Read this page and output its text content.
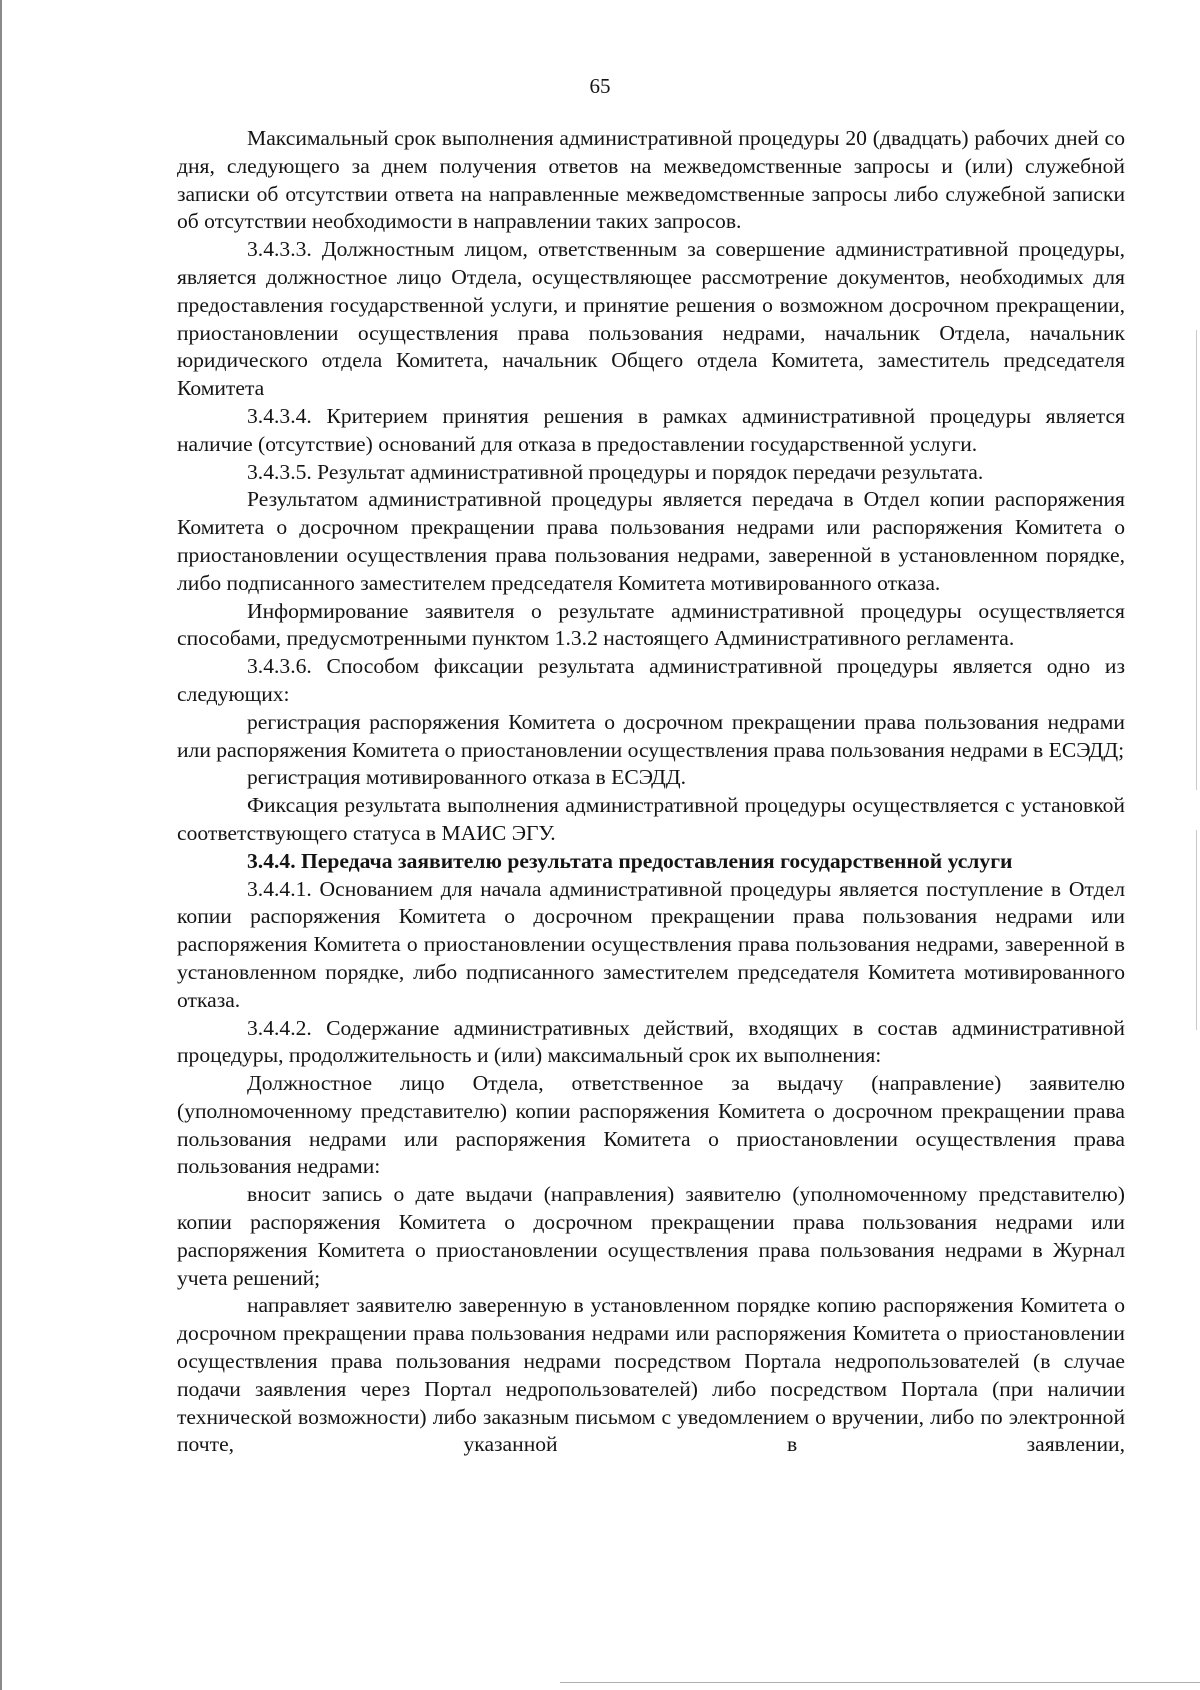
65

Максимальный срок выполнения административной процедуры 20 (двадцать) рабочих дней со дня, следующего за днем получения ответов на межведомственные запросы и (или) служебной записки об отсутствии ответа на направленные межведомственные запросы либо служебной записки об отсутствии необходимости в направлении таких запросов.

3.4.3.3. Должностным лицом, ответственным за совершение административной процедуры, является должностное лицо Отдела, осуществляющее рассмотрение документов, необходимых для предоставления государственной услуги, и принятие решения о возможном досрочном прекращении, приостановлении осуществления права пользования недрами, начальник Отдела, начальник юридического отдела Комитета, начальник Общего отдела Комитета, заместитель председателя Комитета

3.4.3.4. Критерием принятия решения в рамках административной процедуры является наличие (отсутствие) оснований для отказа в предоставлении государственной услуги.

3.4.3.5. Результат административной процедуры и порядок передачи результата.

Результатом административной процедуры является передача в Отдел копии распоряжения Комитета о досрочном прекращении права пользования недрами или распоряжения Комитета о приостановлении осуществления права пользования недрами, заверенной в установленном порядке, либо подписанного заместителем председателя Комитета мотивированного отказа.

Информирование заявителя о результате административной процедуры осуществляется способами, предусмотренными пунктом 1.3.2 настоящего Административного регламента.

3.4.3.6. Способом фиксации результата административной процедуры является одно из следующих:

регистрация распоряжения Комитета о досрочном прекращении права пользования недрами или распоряжения Комитета о приостановлении осуществления права пользования недрами в ЕСЭДД;

регистрация мотивированного отказа в ЕСЭДД.

Фиксация результата выполнения административной процедуры осуществляется с установкой соответствующего статуса в МАИС ЭГУ.

3.4.4. Передача заявителю результата предоставления государственной услуги

3.4.4.1. Основанием для начала административной процедуры является поступление в Отдел копии распоряжения Комитета о досрочном прекращении права пользования недрами или распоряжения Комитета о приостановлении осуществления права пользования недрами, заверенной в установленном порядке, либо подписанного заместителем председателя Комитета мотивированного отказа.

3.4.4.2. Содержание административных действий, входящих в состав административной процедуры, продолжительность и (или) максимальный срок их выполнения:

Должностное лицо Отдела, ответственное за выдачу (направление) заявителю (уполномоченному представителю) копии распоряжения Комитета о досрочном прекращении права пользования недрами или распоряжения Комитета о приостановлении осуществления права пользования недрами:

вносит запись о дате выдачи (направления) заявителю (уполномоченному представителю) копии распоряжения Комитета о досрочном прекращении права пользования недрами или распоряжения Комитета о приостановлении осуществления права пользования недрами в Журнал учета решений;

направляет заявителю заверенную в установленном порядке копию распоряжения Комитета о досрочном прекращении права пользования недрами или распоряжения Комитета о приостановлении осуществления права пользования недрами посредством Портала недропользователей (в случае подачи заявления через Портал недропользователей) либо посредством Портала (при наличии технической возможности) либо заказным письмом с уведомлением о вручении, либо по электронной почте, указанной в заявлении,
